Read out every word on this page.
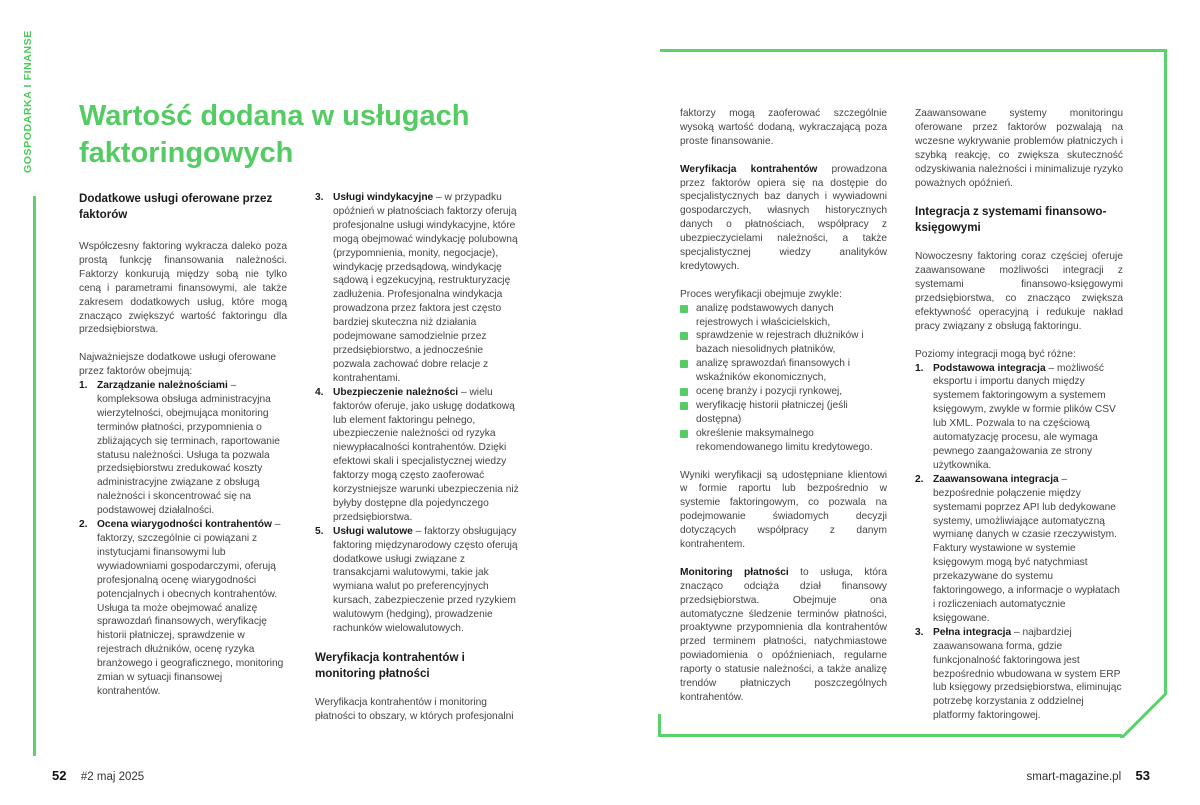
GOSPODARKA I FINANSE Wartość dodana w usługach faktoringowych
Dodatkowe usługi oferowane przez faktorów

Współczesny faktoring wykracza daleko poza prostą funkcję finansowania należności. Faktorzy konkurują między sobą nie tylko ceną i parametrami finansowymi, ale także zakresem dodatkowych usług, które mogą znacząco zwiększyć wartość faktoringu dla przedsiębiorstwa.

Najważniejsze dodatkowe usługi oferowane przez faktorów obejmują:

1. Zarządzanie należnościami – kompleksowa obsługa administracyjna wierzytelności, obejmująca monitoring terminów płatności, przypomnienia o zbliżających się terminach, raportowanie statusu należności. Usługa ta pozwala przedsiębiorstwu zredukować koszty administracyjne związane z obsługą należności i skoncentrować się na podstawowej działalności.
2. Ocena wiarygodności kontrahentów – faktorzy, szczególnie ci powiązani z instytucjami finansowymi lub wywiadowniami gospodarczymi, oferują profesjonalną ocenę wiarygodności potencjalnych i obecnych kontrahentów. Usługa ta może obejmować analizę sprawozdań finansowych, weryfikację historii płatniczej, sprawdzenie w rejestrach dłużników, ocenę ryzyka branżowego i geograficznego, monitoring zmian w sytuacji finansowej kontrahentów.
3. Usługi windykacyjne – w przypadku opóźnień w płatnościach faktorzy oferują profesjonalne usługi windykacyjne, które mogą obejmować windykację polubowną (przypomnienia, monity, negocjacje), windykację przedsądową, windykację sądową i egzekucyjną, restrukturyzację zadłużenia. Profesjonalna windykacja prowadzona przez faktora jest często bardziej skuteczna niż działania podejmowane samodzielnie przez przedsiębiorstwo, a jednocześnie pozwala zachować dobre relacje z kontrahentami.
4. Ubezpieczenie należności – wielu faktorów oferuje, jako usługę dodatkową lub element faktoringu pełnego, ubezpieczenie należności od ryzyka niewypłacalności kontrahentów. Dzięki efektowi skali i specjalistycznej wiedzy faktorzy mogą często zaoferować korzystniejsze warunki ubezpieczenia niż byłyby dostępne dla pojedynczego przedsiębiorstwa.
5. Usługi walutowe – faktorzy obsługujący faktoring międzynarodowy często oferują dodatkowe usługi związane z transakcjami walutowymi, takie jak wymiana walut po preferencyjnych kursach, zabezpieczenie przed ryzykiem walutowym (hedging), prowadzenie rachunków wielowalutowych.
Weryfikacja kontrahentów i monitoring płatności

Weryfikacja kontrahentów i monitoring płatności to obszary, w których profesjonalni

faktorzy mogą zaoferować szczególnie wysoką wartość dodaną, wykraczającą poza proste finansowanie.

Weryfikacja kontrahentów prowadzona przez faktorów opiera się na dostępie do specjalistycznych baz danych i wywiadowni gospodarczych, własnych historycznych danych o płatnościach, współpracy z ubezpieczycielami należności, a także specjalistycznej wiedzy analityków kredytowych.

Proces weryfikacji obejmuje zwykle:

analizę podstawowych danych rejestrowych i właścicielskich,
sprawdzenie w rejestrach dłużników i bazach niesolidnych płatników,
analizę sprawozdań finansowych i wskaźników ekonomicznych,
ocenę branży i pozycji rynkowej,
weryfikację historii płatniczej (jeśli dostępna)
określenie maksymalnego rekomendowanego limitu kredytowego.

Wyniki weryfikacji są udostępniane klientowi w formie raportu lub bezpośrednio w systemie faktoringowym, co pozwala na podejmowanie świadomych decyzji dotyczących współpracy z danym kontrahentem.

Monitoring płatności to usługa, która znacząco odciąża dział finansowy przedsiębiorstwa. Obejmuje ona automatyczne śledzenie terminów płatności, proaktywne przypomnienia dla kontrahentów przed terminem płatności, natychmiastowe powiadomienia o opóźnieniach, regularne raporty o statusie należności, a także analizę trendów płatniczych poszczególnych kontrahentów.

Zaawansowane systemy monitoringu oferowane przez faktorów pozwalają na wczesne wykrywanie problemów płatniczych i szybką reakcję, co zwiększa skuteczność odzyskiwania należności i minimalizuje ryzyko poważnych opóźnień.

Integracja z systemami finansowo-księgowymi

Nowoczesny faktoring coraz częściej oferuje zaawansowane możliwości integracji z systemami finansowo-księgowymi przedsiębiorstwa, co znacząco zwiększa efektywność operacyjną i redukuje nakład pracy związany z obsługą faktoringu.

Poziomy integracji mogą być różne:

1. Podstawowa integracja – możliwość eksportu i importu danych między systemem faktoringowym a systemem księgowym, zwykle w formie plików CSV lub XML. Pozwala to na częściową automatyzację procesu, ale wymaga pewnego zaangażowania ze strony użytkownika.
2. Zaawansowana integracja – bezpośrednie połączenie między systemami poprzez API lub dedykowane systemy, umożliwiające automatyczną wymianę danych w czasie rzeczywistym. Faktury wystawione w systemie księgowym mogą być natychmiast przekazywane do systemu faktoringowego, a informacje o wypłatach i rozliczeniach automatycznie księgowane.
3. Pełna integracja – najbardziej zaawansowana forma, gdzie funkcjonalność faktoringowa jest bezpośrednio wbudowana w system ERP lub księgowy przedsiębiorstwa, eliminując potrzebę korzystania z oddzielnej platformy faktoringowej.
52 #2 maj 2025	smart-magazine.pl 53
